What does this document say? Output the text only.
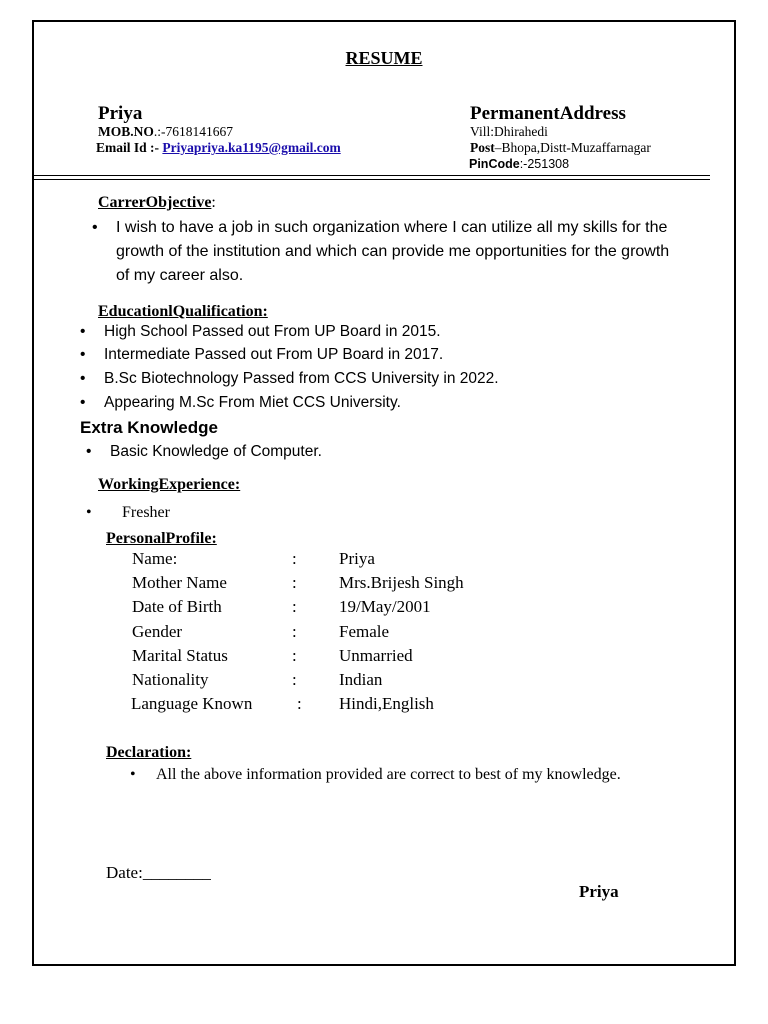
RESUME
Priya
MOB.NO.:-7618141667
Email Id :- Priyapriya.ka1195@gmail.com
PermanentAddress
Vill:Dhirahedi
Post–Bhopa,Distt-Muzaffarnagar
PinCode:-251308
CarrerObjective:
• I wish to have a job in such organization where I can utilize all my skills for the growth of the institution and which can provide me opportunities for the growth of my career also.
EducationlQualification:
• High School Passed out From UP Board in 2015.
• Intermediate Passed out From UP Board in 2017.
• B.Sc Biotechnology Passed from CCS University in 2022.
• Appearing M.Sc From Miet CCS University.
Extra Knowledge
• Basic Knowledge of Computer.
WorkingExperience:
• Fresher
PersonalProfile:
Name:	: Priya
Mother Name	: Mrs.Brijesh Singh
Date of Birth	: 19/May/2001
Gender	: Female
Marital Status	: Unmarried
Nationality	: Indian
Language Known	: Hindi,English
Declaration:
• All the above information provided are correct to best of my knowledge.
Date:________
Priya
